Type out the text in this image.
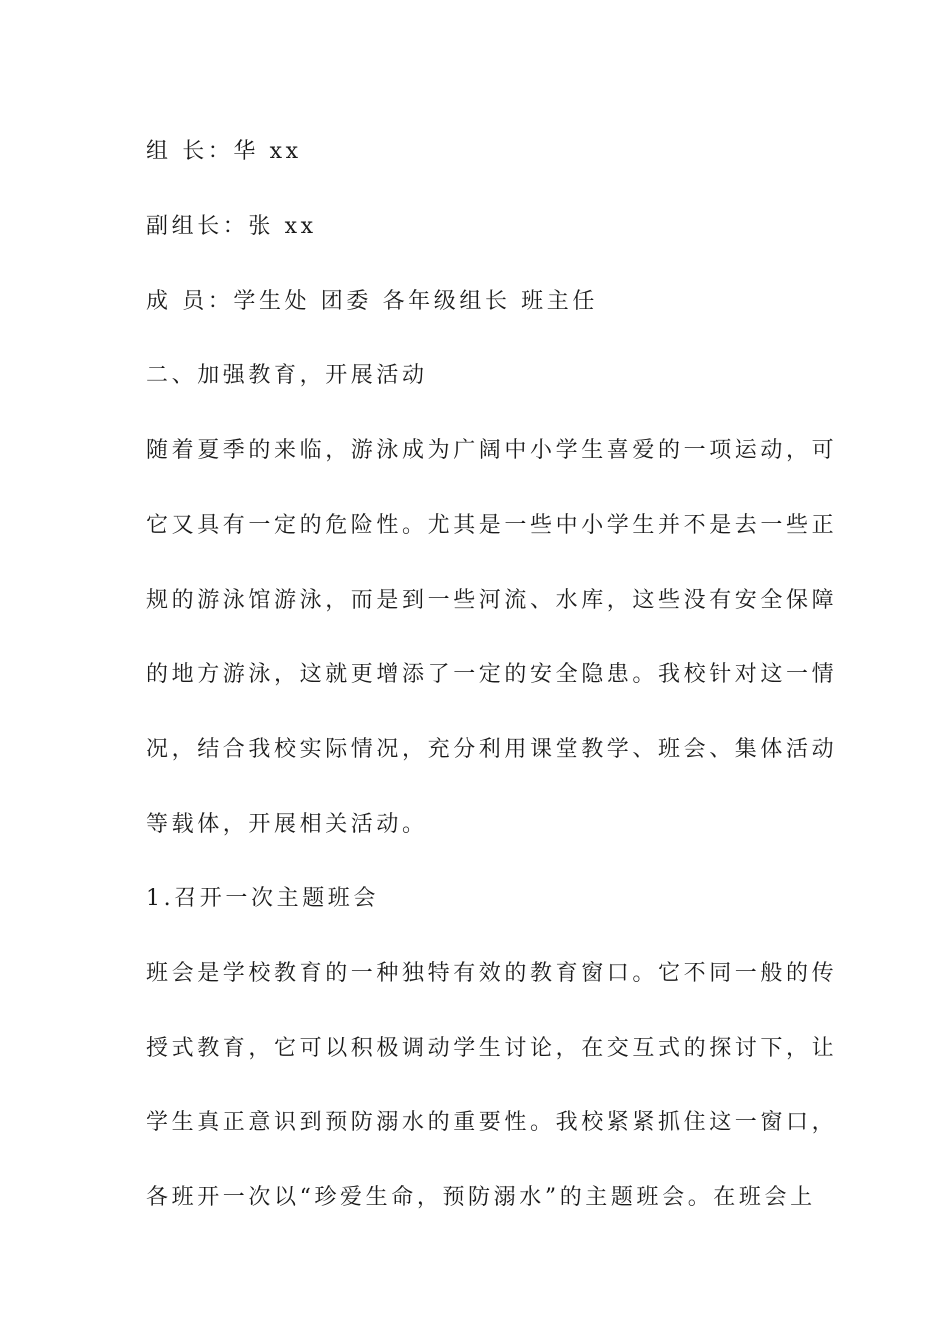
组 长：华 xx
副组长：张 xx
成 员：学生处 团委 各年级组长 班主任
二、加强教育，开展活动
随着夏季的来临，游泳成为广阔中小学生喜爱的一项运动，可
它又具有一定的危险性。尤其是一些中小学生并不是去一些正
规的游泳馆游泳，而是到一些河流、水库，这些没有安全保障
的地方游泳，这就更增添了一定的安全隐患。我校针对这一情
况，结合我校实际情况，充分利用课堂教学、班会、集体活动
等载体，开展相关活动。
1.召开一次主题班会
班会是学校教育的一种独特有效的教育窗口。它不同一般的传
授式教育，它可以积极调动学生讨论，在交互式的探讨下，让
学生真正意识到预防溺水的重要性。我校紧紧抓住这一窗口，
各班开一次以“珍爱生命，预防溺水”的主题班会。在班会上
